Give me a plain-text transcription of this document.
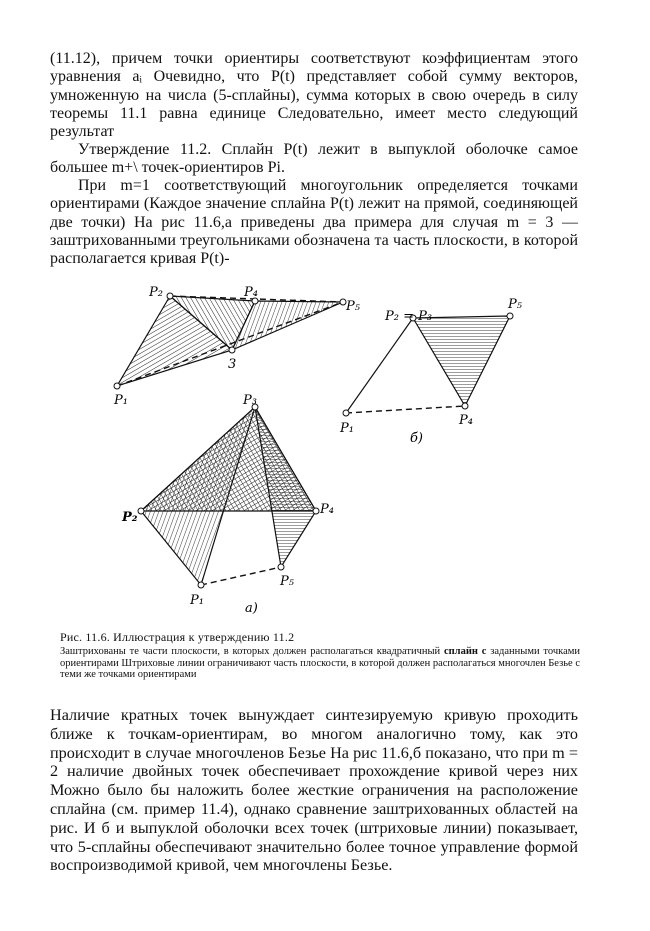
(11.12), причем точки ориентиры соответствуют коэффициентам этого уравнения aᵢ Очевидно, что P(t) представляет собой сумму векторов, умноженную на числа (5-сплайны), сумма которых в свою очередь в силу теоремы 11.1 равна единице Следовательно, имеет место следующий результат

Утверждение 11.2. Сплайн P(t) лежит в выпуклой оболочке самое большее m+\ точек-ориентиров Pi.

При m=1 соответствующий многоугольник определяется точками ориентирами (Каждое значение сплайна P(t) лежит на прямой, соединяющей две точки) На рис 11.6,a приведены два примера для случая m = 3 — заштрихованными треугольниками обозначена та часть плоскости, в которой располагается кривая P(t)-

P₁
P₂
3
P₄
P₅
P₁
P₂ = P₃
P₄
P₅
б)
P₁
P₂
P₃
P₄
P₅
а)

Рис. 11.6. Иллюстрация к утверждению 11.2

Заштрихованы те части плоскости, в которых должен располагаться квадратичный сплайн с заданными точками ориентирами Штриховые линии ограничивают часть плоскости, в которой должен располагаться многочлен Безье с теми же точками ориентирами

Наличие кратных точек вынуждает синтезируемую кривую проходить ближе к точкам-ориентирам, во многом аналогично тому, как это происходит в случае многочленов Безье На рис 11.6,б показано, что при m = 2 наличие двойных точек обеспечивает прохождение кривой через них Можно было бы наложить более жесткие ограничения на расположение сплайна (см. пример 11.4), однако сравнение заштрихованных областей на рис. И б и выпуклой оболочки всех точек (штриховые линии) показывает, что 5-сплайны обеспечивают значительно более точное управление формой воспроизводимой кривой, чем многочлены Безье.
